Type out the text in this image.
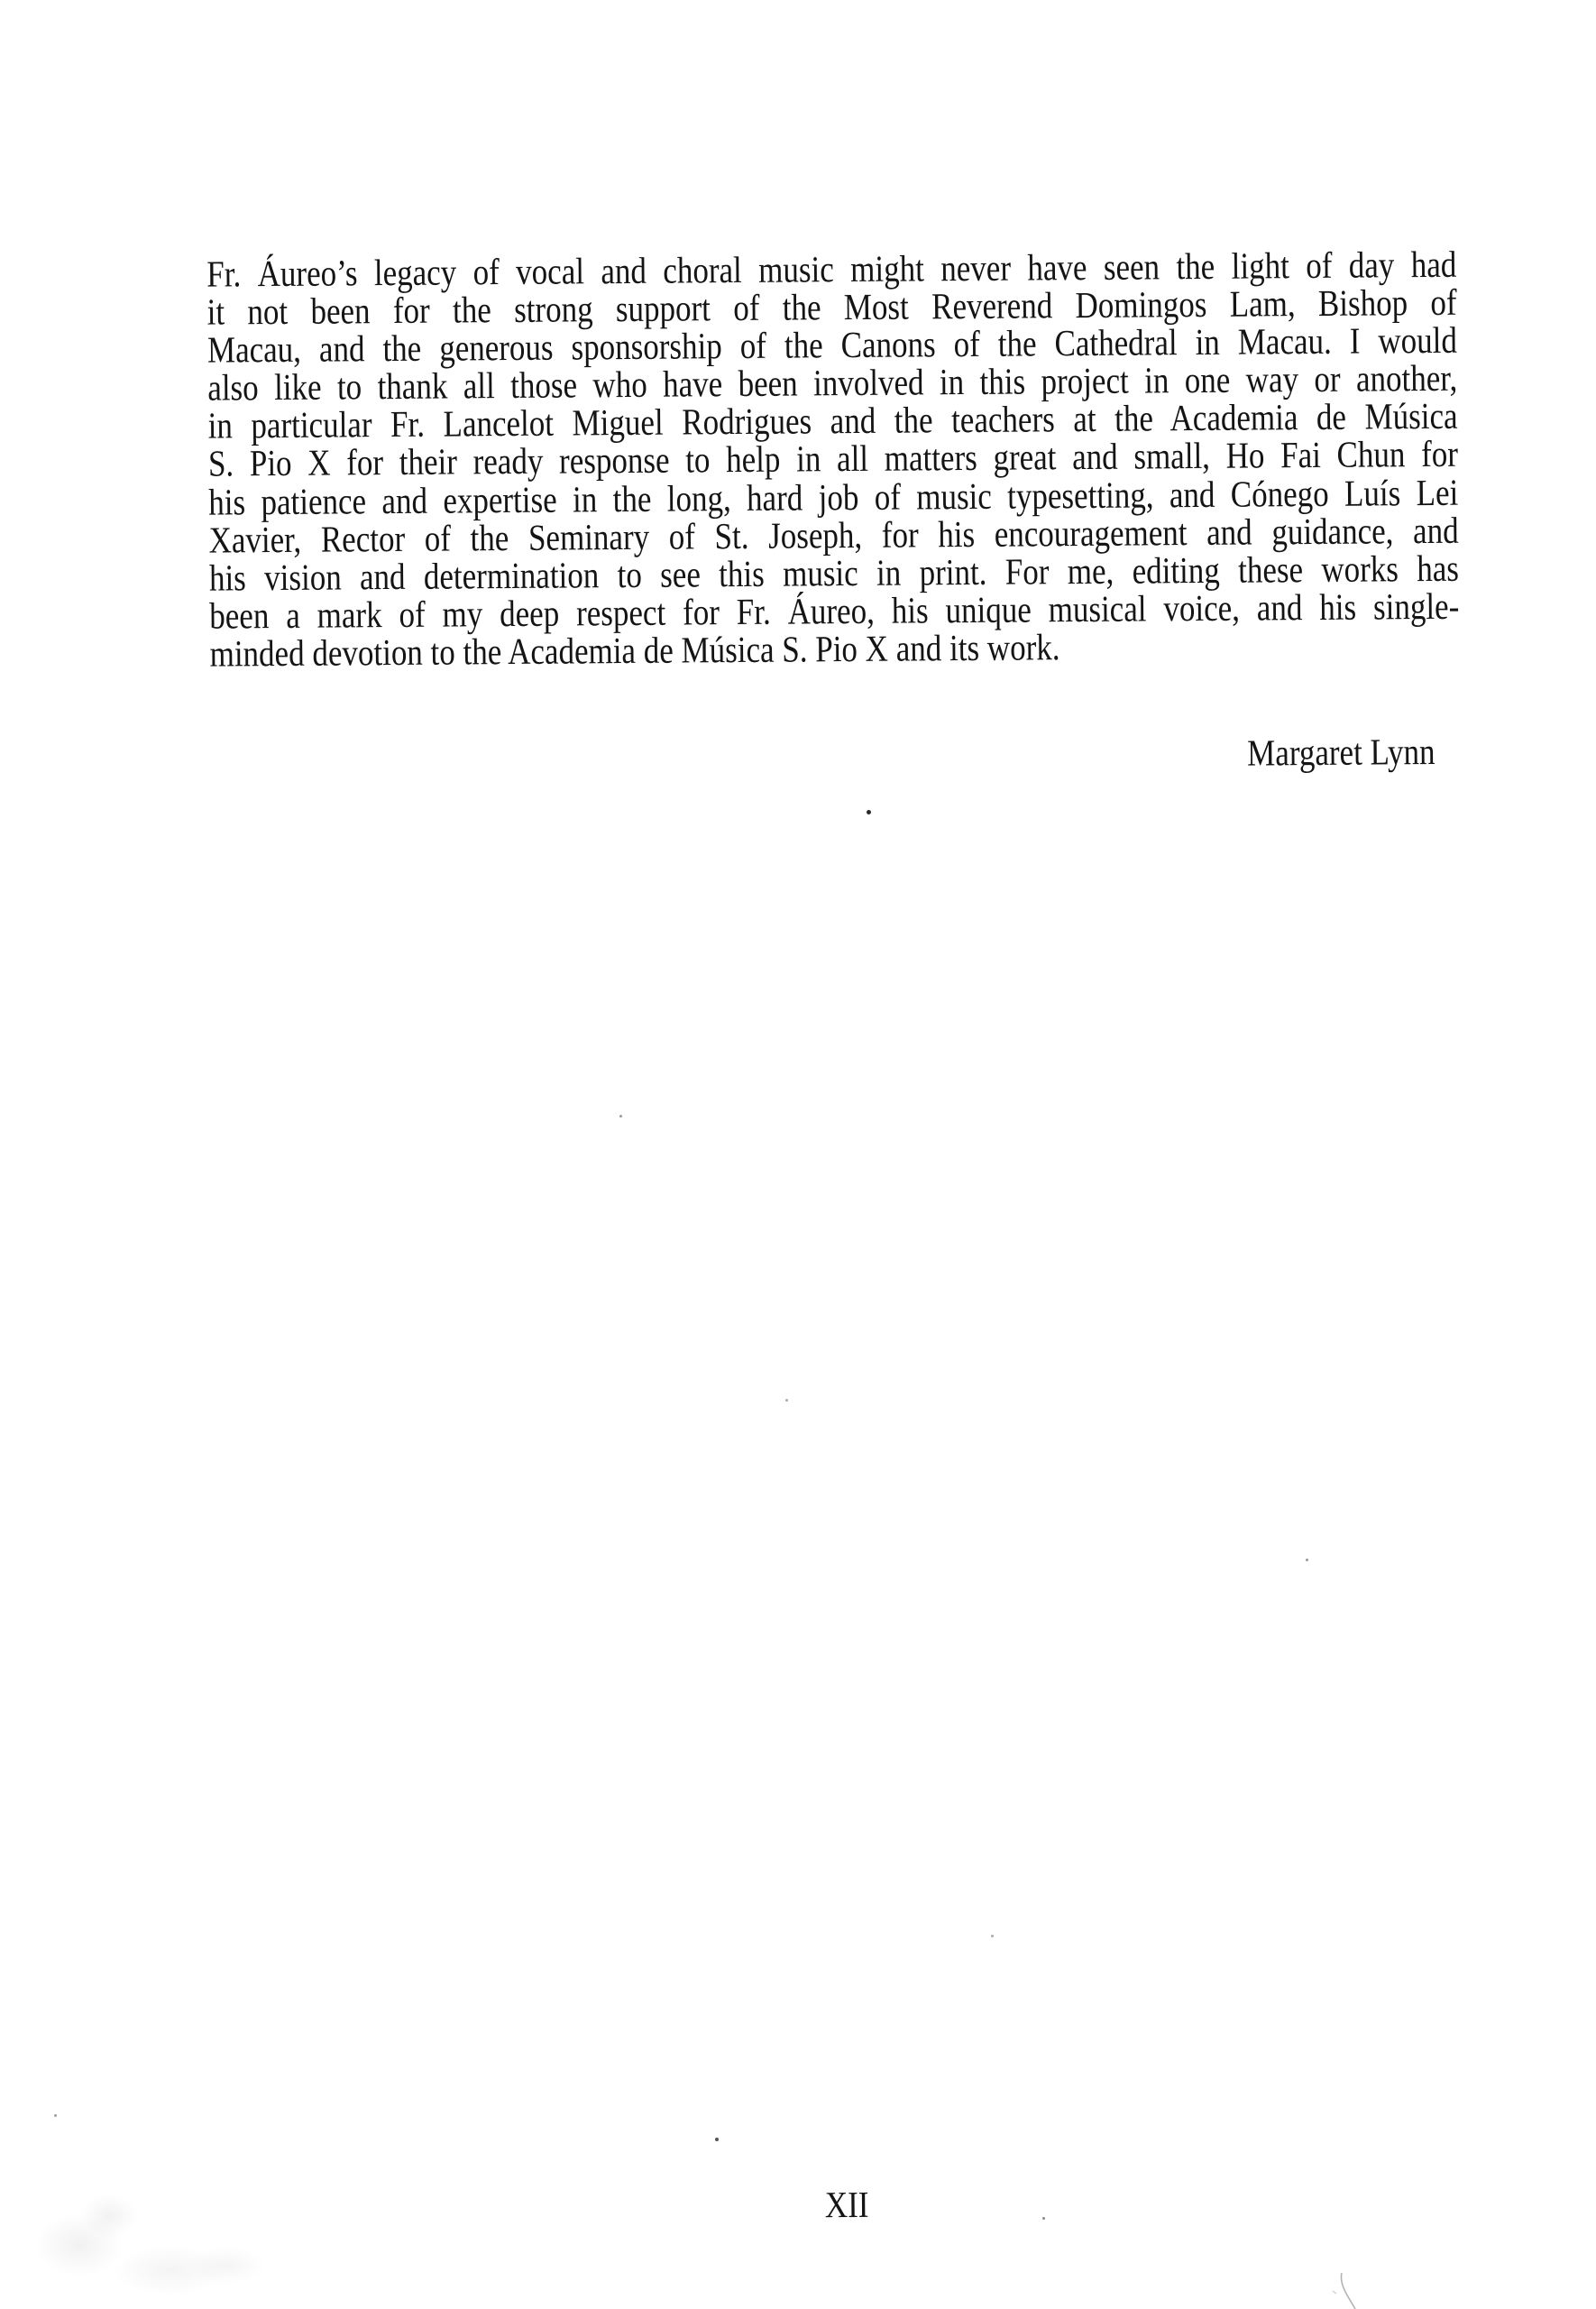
Fr. Áureo’s legacy of vocal and choral music might never have seen the light of day had
it not been for the strong support of the Most Reverend Domingos Lam, Bishop of
Macau, and the generous sponsorship of the Canons of the Cathedral in Macau. I would
also like to thank all those who have been involved in this project in one way or another,
in particular Fr. Lancelot Miguel Rodrigues and the teachers at the Academia de Música
S. Pio X for their ready response to help in all matters great and small, Ho Fai Chun for
his patience and expertise in the long, hard job of music typesetting, and Cónego Luís Lei
Xavier, Rector of the Seminary of St. Joseph, for his encouragement and guidance, and
his vision and determination to see this music in print. For me, editing these works has
been a mark of my deep respect for Fr. Áureo, his unique musical voice, and his single-
minded devotion to the Academia de Música S. Pio X and its work.
Margaret Lynn
XII
